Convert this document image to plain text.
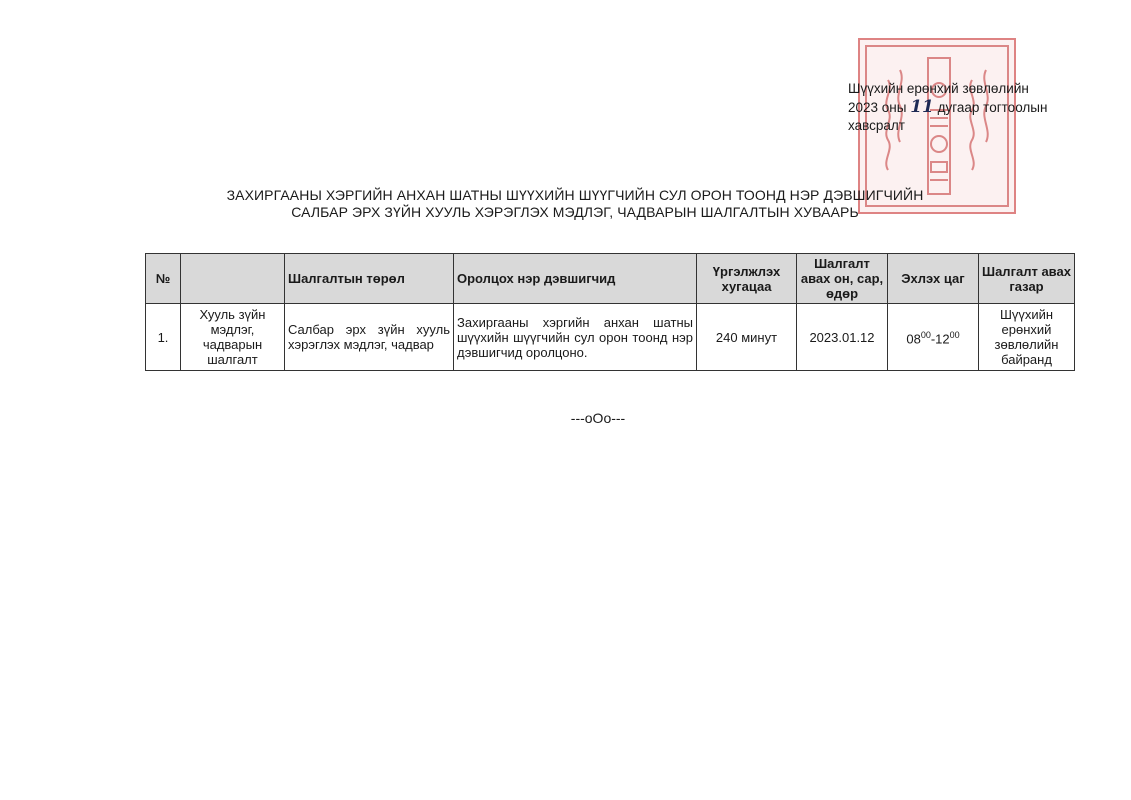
Шүүхийн ерөнхий зөвлөлийн
2023 оны 11 дугаар тогтоолын
хавсралт
ЗАХИРГААНЫ ХЭРГИЙН АНХАН ШАТНЫ ШҮҮХИЙН ШҮҮГЧИЙН СУЛ ОРОН ТООНД НЭР ДЭВШИГЧИЙН
САЛБАР ЭРХ ЗҮЙН ХУУЛЬ ХЭРЭГЛЭХ МЭДЛЭГ, ЧАДВАРЫН ШАЛГАЛТЫН ХУВААРЬ
№		Шалгалтын төрөл	Оролцох нэр дэвшигчид	Үргэлжлэх хугацаа	Шалгалт авах он, сар, өдөр	Эхлэх цаг	Шалгалт авах газар
1.	Хууль зүйн мэдлэг, чадварын шалгалт	Салбар эрх зүйн хууль хэрэглэх мэдлэг, чадвар	Захиргааны хэргийн анхан шатны шүүхийн шүүгчийн сул орон тоонд нэр дэвшигчид оролцоно.	240 минут	2023.01.12	$08^{00}-12^{00}$	Шүүхийн ерөнхий зөвлөлийн байранд
---oOo---
